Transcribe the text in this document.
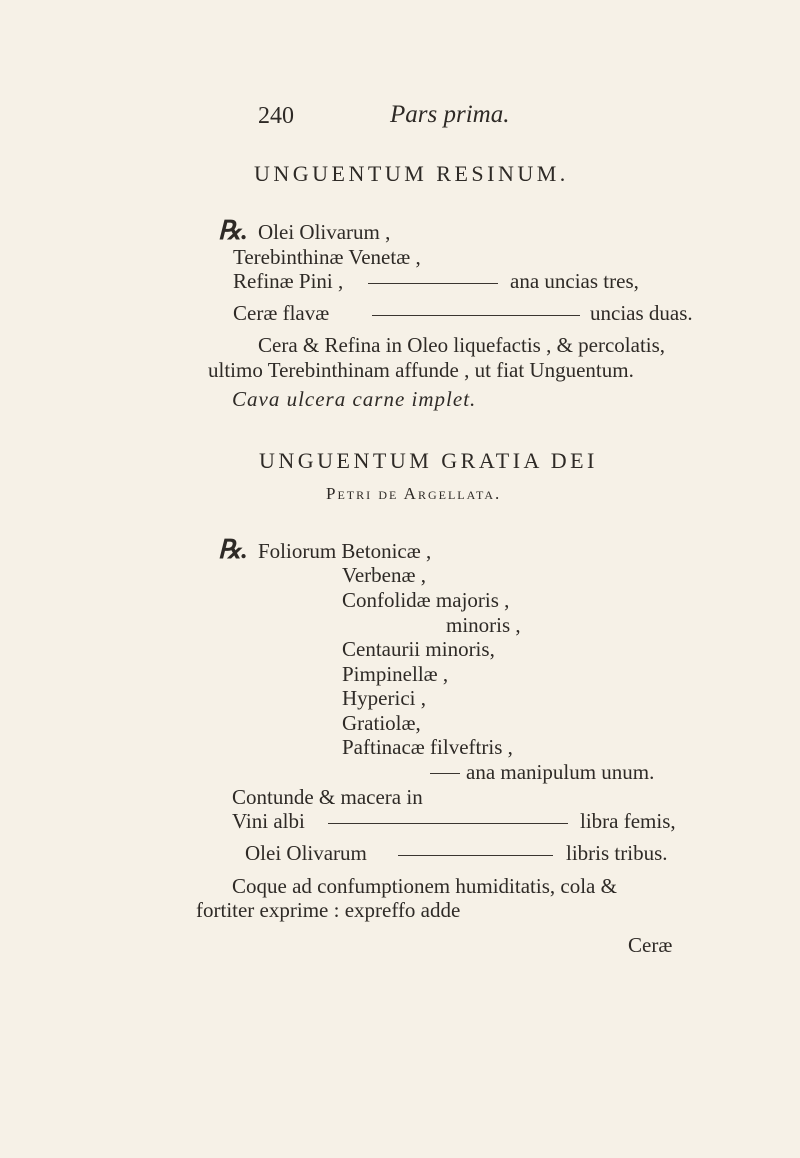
240	Pars prima.
UNGUENTUM RESINUM.
℞. Olei Olivarum ,
Terebinthinæ Venetæ ,
Refinæ Pini ,	ana uncias tres,
Ceræ flavæ	uncias duas.
Cera & Refina in Oleo liquefactis , & percolatis,
ultimo Terebinthinam affunde , ut fiat Unguentum.
Cava ulcera carne implet.
UNGUENTUM GRATIA DEI
Petri de Argellata.
℞. Foliorum Betonicæ ,
Verbenæ ,
Confolidæ majoris ,
minoris ,
Centaurii minoris,
Pimpinellæ ,
Hyperici ,
Gratiolæ,
Paftinacæ filveftris ,
ana manipulum unum.
Contunde & macera in
Vini albi	libra femis,
Olei Olivarum	libris tribus.
Coque ad confumptionem humiditatis, cola &
fortiter exprime : expreffo adde
Ceræ
